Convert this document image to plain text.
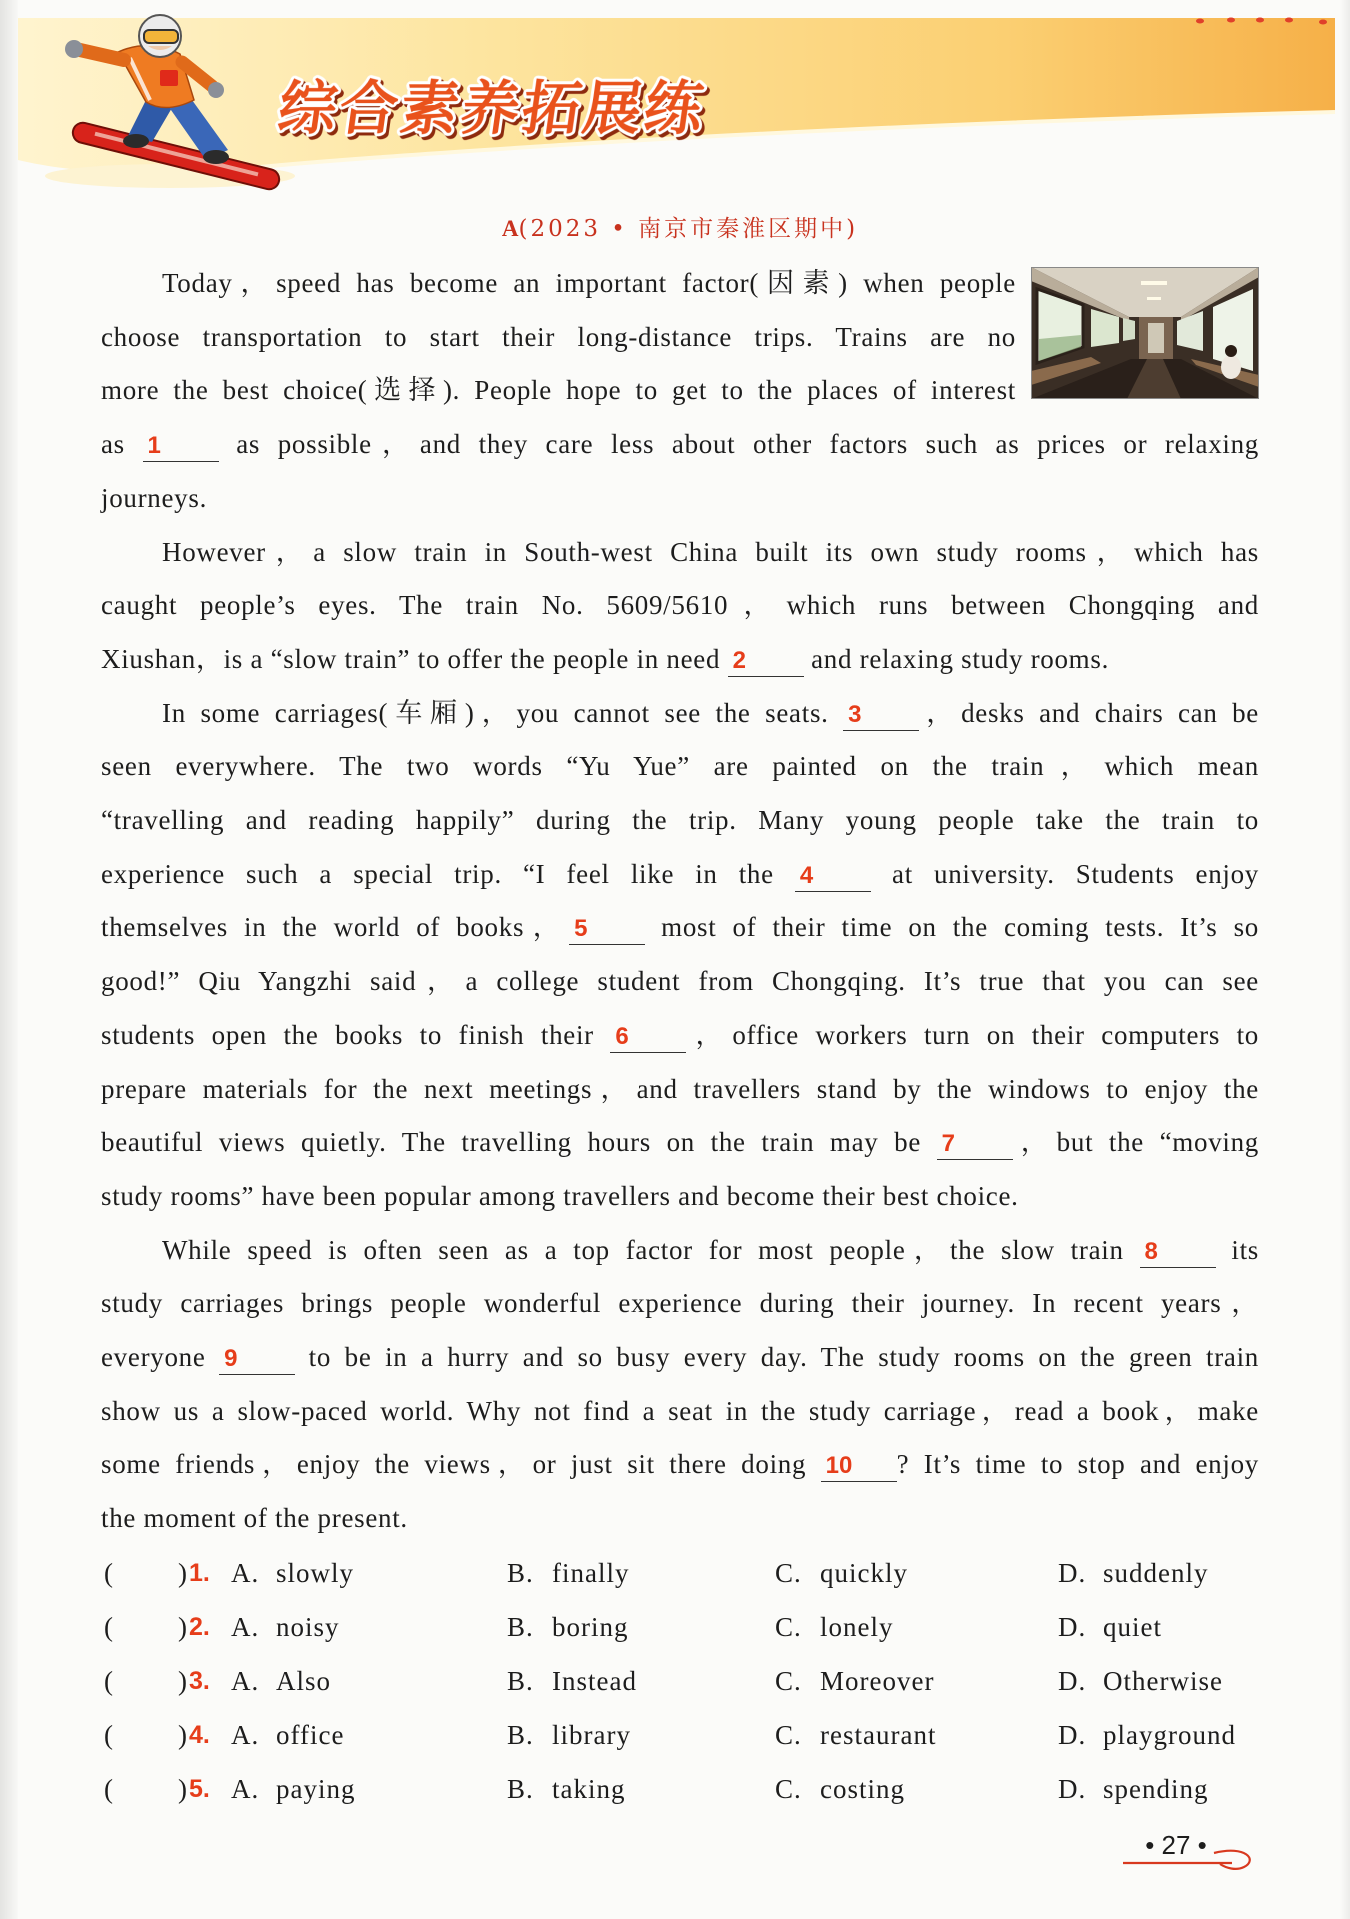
综合素养拓展练
A(2023 • 南京市秦淮区期中)
Today，speed has become an important factor(因素) when people
choose transportation to start their long-distance trips. Trains are no
more the best choice(选择). People hope to get to the places of interest
as 1 as possible，and they care less about other factors such as prices or relaxing
journeys.
However，a slow train in South-west China built its own study rooms，which has
caught people’s eyes. The train No. 5609/5610，which runs between Chongqing and
Xiushan，is a “slow train” to offer the people in need 2 and relaxing study rooms.
In some carriages(车厢)，you cannot see the seats. 3 ，desks and chairs can be
seen everywhere. The two words “Yu Yue” are painted on the train，which mean
“travelling and reading happily” during the trip. Many young people take the train to
experience such a special trip. “I feel like in the 4 at university. Students enjoy
themselves in the world of books， 5 most of their time on the coming tests. It’s so
good!” Qiu Yangzhi said，a college student from Chongqing. It’s true that you can see
students open the books to finish their 6 ，office workers turn on their computers to
prepare materials for the next meetings，and travellers stand by the windows to enjoy the
beautiful views quietly. The travelling hours on the train may be 7 ，but the “moving
study rooms” have been popular among travellers and become their best choice.
While speed is often seen as a top factor for most people，the slow train 8 its
study carriages brings people wonderful experience during their journey. In recent years，
everyone 9 to be in a hurry and so busy every day. The study rooms on the green train
show us a slow-paced world. Why not find a seat in the study carriage，read a book，make
some friends，enjoy the views，or just sit there doing 10 ? It’s time to stop and enjoy
the moment of the present.
( ) 1. A. slowly	B. finally	C. quickly	D. suddenly
( ) 2. A. noisy	B. boring	C. lonely	D. quiet
( ) 3. A. Also	B. Instead	C. Moreover	D. Otherwise
( ) 4. A. office	B. library	C. restaurant	D. playground
( ) 5. A. paying	B. taking	C. costing	D. spending
• 27 •
